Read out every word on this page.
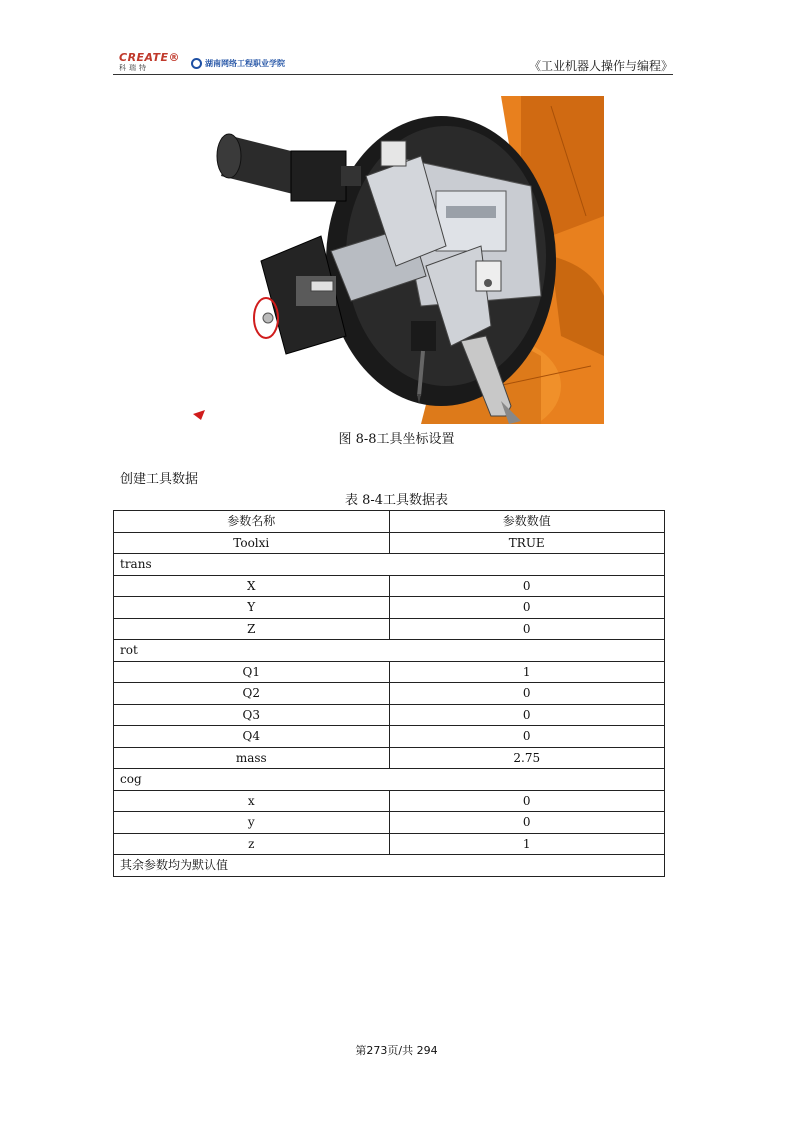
CREATE®
科瑞特
湖南网络工程职业学院	《工业机器人操作与编程》
图 8-8工具坐标设置
创建工具数据
表 8-4工具数据表
参数名称	参数数值
Toolxi	TRUE
trans	
X	0
Y	0
Z	0
rot	
Q1	1
Q2	0
Q3	0
Q4	0
mass	2.75
cog	
x	0
y	0
z	1
其余参数均为默认值	
第273页/共 294
